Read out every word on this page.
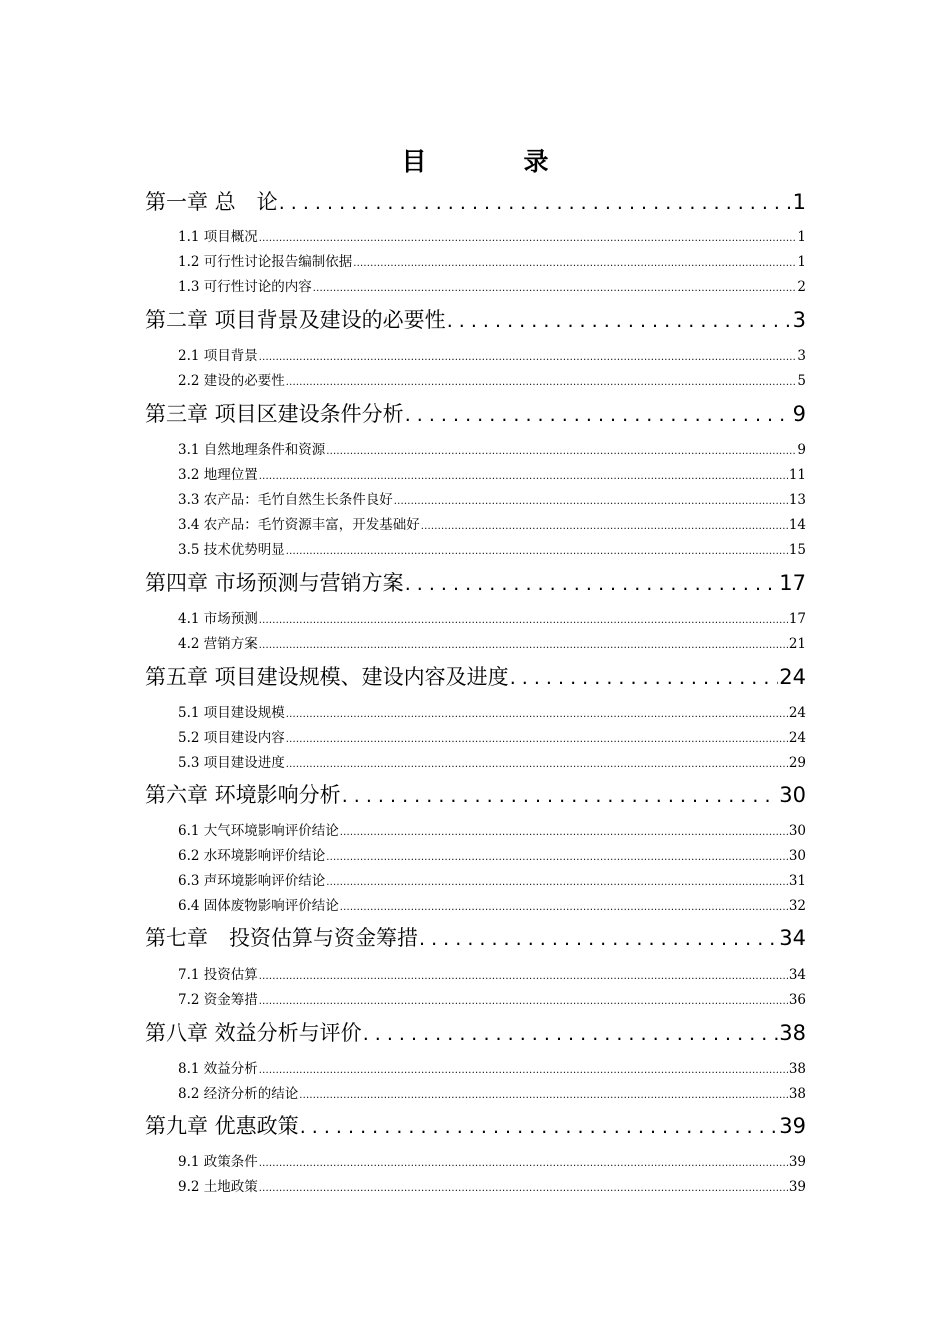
目　录
第一章 总　论 . . .	1
1.1 项目概况 .....	1
1.2 可行性讨论报告编制依据 .....	1
1.3 可行性讨论的内容 .....	2
第二章 项目背景及建设的必要性 . . .	3
2.1 项目背景 .....	3
2.2 建设的必要性 .....	5
第三章 项目区建设条件分析 . . .	9
3.1 自然地理条件和资源 .....	9
3.2 地理位置 .....	11
3.3 农产品：毛竹自然生长条件良好 .....	13
3.4 农产品：毛竹资源丰富，开发基础好 .....	14
3.5 技术优势明显 .....	15
第四章 市场预测与营销方案 . . .	17
4.1 市场预测 .....	17
4.2 营销方案 .....	21
第五章 项目建设规模、建设内容及进度 . . .	24
5.1 项目建设规模 .....	24
5.2 项目建设内容 .....	24
5.3 项目建设进度 .....	29
第六章 环境影响分析 . . .	30
6.1 大气环境影响评价结论 .....	30
6.2 水环境影响评价结论 .....	30
6.3 声环境影响评价结论 .....	31
6.4 固体废物影响评价结论 .....	32
第七章　投资估算与资金筹措 . . .	34
7.1 投资估算 .....	34
7.2 资金筹措 .....	36
第八章 效益分析与评价 . . .	38
8.1 效益分析 .....	38
8.2 经济分析的结论 .....	38
第九章 优惠政策 . . .	39
9.1 政策条件 .....	39
9.2 土地政策 .....	39
